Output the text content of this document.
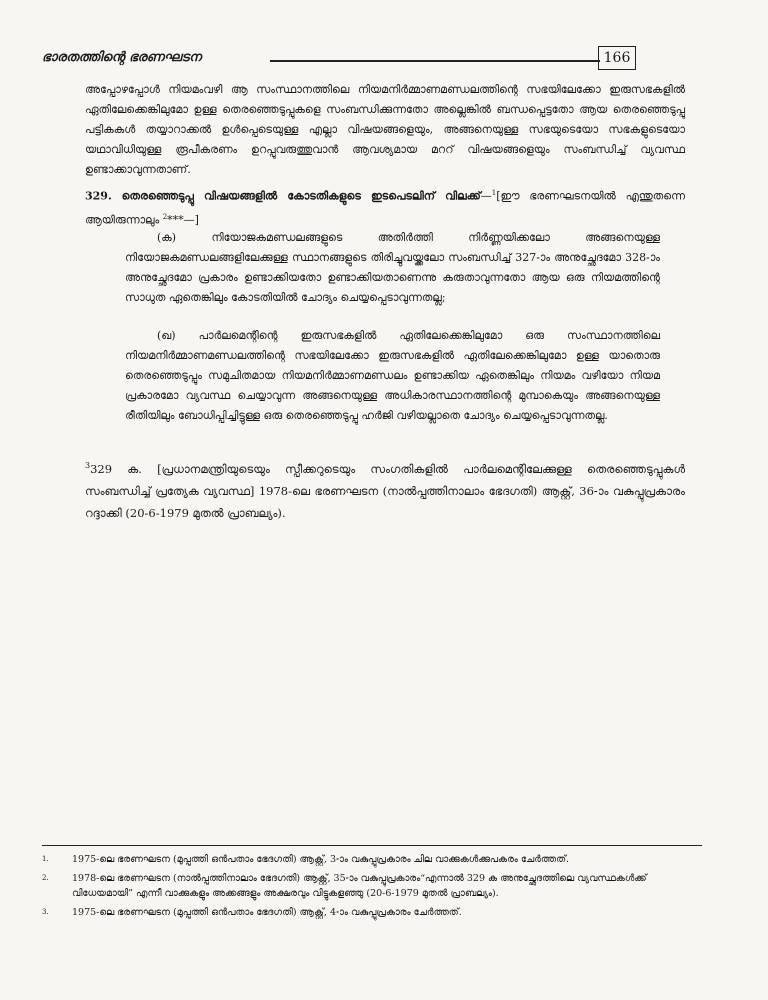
ഭാരതത്തിന്റെ ഭരണഘടന	166
അപ്പോഴപ്പോൾ നിയമംവഴി ആ സംസ്ഥാനത്തിലെ നിയമനിർമ്മാണമണ്ഡലത്തിന്റെ സഭയിലേക്കോ ഇരുസഭകളിൽ ഏതിലേക്കെങ്കിലുമോ ഉള്ള തെരഞ്ഞെടുപ്പുകളെ സംബന്ധിക്കുന്നതോ അല്ലെങ്കിൽ ബന്ധപ്പെട്ടതോ ആയ തെരഞ്ഞെടുപ്പു പട്ടികകൾ തയ്യാറാക്കൽ ഉൾപ്പെടെയുള്ള എല്ലാ വിഷയങ്ങളെയും, അങ്ങനെയുള്ള സഭയുടെയോ സഭകളുടെയോ യഥാവിധിയുള്ള രൂപീകരണം ഉറപ്പുവരുത്തുവാൻ ആവശ്യമായ മററ് വിഷയങ്ങളെയും സംബന്ധിച്ച് വ്യവസ്ഥ ഉണ്ടാക്കാവുന്നതാണ്.
329. തെരഞ്ഞെടുപ്പു വിഷയങ്ങളിൽ കോടതികളുടെ ഇടപെടലിന് വിലക്ക്—$^1$[ഈ ഭരണഘടനയിൽ എന്തുതന്നെ ആയിരുന്നാലും $^2$***—]
(ക) നിയോജകമണ്ഡലങ്ങളുടെ അതിർത്തി നിർണ്ണയിക്കലോ അങ്ങനെയുള്ള നിയോജകമണ്ഡലങ്ങളിലേക്കുള്ള സ്ഥാനങ്ങളുടെ തിരിച്ചുവയ്ക്കലോ സംബന്ധിച്ച് 327-ാം അനുച്ഛേദമോ 328-ാം അനുച്ഛേദമോ പ്രകാരം ഉണ്ടാക്കിയതോ ഉണ്ടാക്കിയതാണെന്നു കരുതാവുന്നതോ ആയ ഒരു നിയമത്തിന്റെ സാധുത ഏതെങ്കിലും കോടതിയിൽ ചോദ്യം ചെയ്യപ്പെടാവുന്നതല്ല;
(ഖ) പാർലമെന്റിന്റെ ഇരുസഭകളിൽ ഏതിലേക്കെങ്കിലുമോ ഒരു സംസ്ഥാനത്തിലെ നിയമനിർമ്മാണമണ്ഡലത്തിന്റെ സഭയിലേക്കോ ഇരുസഭകളിൽ ഏതിലേക്കെങ്കിലുമോ ഉള്ള യാതൊരു തെരഞ്ഞെടുപ്പും സമുചിതമായ നിയമനിർമ്മാണമണ്ഡലം ഉണ്ടാക്കിയ ഏതെങ്കിലും നിയമം വഴിയോ നിയമ പ്രകാരമോ വ്യവസ്ഥ ചെയ്യാവുന്ന അങ്ങനെയുള്ള അധികാരസ്ഥാനത്തിന്റെ മുമ്പാകെയും അങ്ങനെയുള്ള രീതിയിലും ബോധിപ്പിച്ചിട്ടുള്ള ഒരു തെരഞ്ഞെടുപ്പു ഹർജി വഴിയല്ലാതെ ചോദ്യം ചെയ്യപ്പെടാവുന്നതല്ല.
$^3$329 ക. [പ്രധാനമന്ത്രിയുടെയും സ്പീക്കറുടെയും സംഗതികളിൽ പാർലമെന്റിലേക്കുള്ള തെരഞ്ഞെടുപ്പുകൾ സംബന്ധിച്ച് പ്രത്യേക വ്യവസ്ഥ] 1978-ലെ ഭരണഘടന (നാൽപ്പത്തിനാലാം ഭേദഗതി) ആക്റ്റ്, 36-ാം വകുപ്പുപ്രകാരം റദ്ദാക്കി (20-6-1979 മുതൽ പ്രാബല്യം).
1. 1975-ലെ ഭരണഘടന (മുപ്പത്തി ഒൻപതാം ഭേദഗതി) ആക്റ്റ്, 3-ാം വകുപ്പുപ്രകാരം ചില വാക്കുകൾക്കുപകരം ചേർത്തത്.
2. 1978-ലെ ഭരണഘടന (നാൽപ്പത്തിനാലാം ഭേദഗതി) ആക്റ്റ്, 35-ാം വകുപ്പുപ്രകാരം“എന്നാൽ 329 ക അനുച്ഛേദത്തിലെ വ്യവസ്ഥകൾക്ക് വിധേയമായി” എന്നീ വാക്കുകളും അക്കങ്ങളും അക്ഷരവും വിട്ടുകളഞ്ഞു (20-6-1979 മുതൽ പ്രാബല്യം).
3. 1975-ലെ ഭരണഘടന (മുപ്പത്തി ഒൻപതാം ഭേദഗതി) ആക്റ്റ്, 4-ാം വകുപ്പുപ്രകാരം ചേർത്തത്.
